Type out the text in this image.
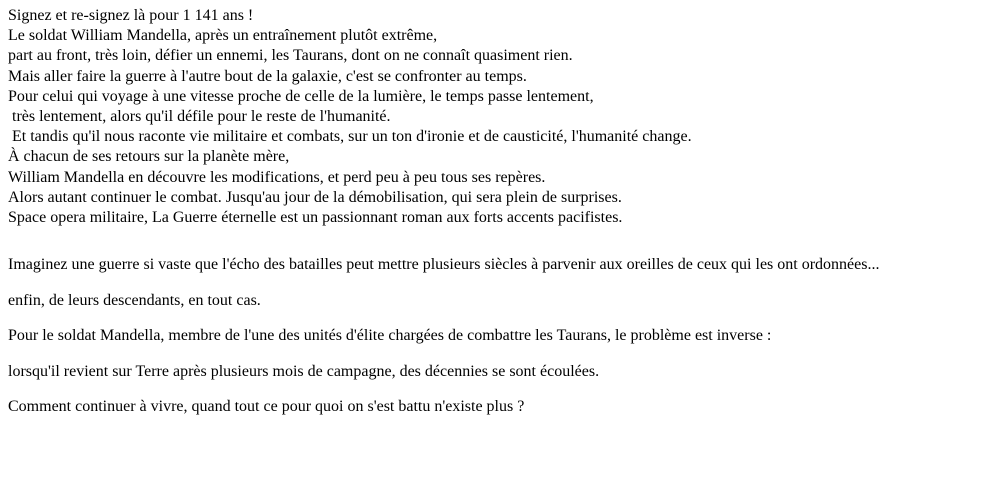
Signez et re-signez là pour 1 141 ans !
Le soldat William Mandella, après un entraînement plutôt extrême,
part au front, très loin, défier un ennemi, les Taurans, dont on ne connaît quasiment rien.
Mais aller faire la guerre à l'autre bout de la galaxie, c'est se confronter au temps.
Pour celui qui voyage à une vitesse proche de celle de la lumière, le temps passe lentement,
très lentement, alors qu'il défile pour le reste de l'humanité.
Et tandis qu'il nous raconte vie militaire et combats, sur un ton d'ironie et de causticité, l'humanité change.
À chacun de ses retours sur la planète mère,
William Mandella en découvre les modifications, et perd peu à peu tous ses repères.
Alors autant continuer le combat. Jusqu'au jour de la démobilisation, qui sera plein de surprises.
Space opera militaire, La Guerre éternelle est un passionnant roman aux forts accents pacifistes.
Imaginez une guerre si vaste que l'écho des batailles peut mettre plusieurs siècles à parvenir aux oreilles de ceux qui les ont ordonnées...
enfin, de leurs descendants, en tout cas.
Pour le soldat Mandella, membre de l'une des unités d'élite chargées de combattre les Taurans, le problème est inverse :
lorsqu'il revient sur Terre après plusieurs mois de campagne, des décennies se sont écoulées.
Comment continuer à vivre, quand tout ce pour quoi on s'est battu n'existe plus ?
